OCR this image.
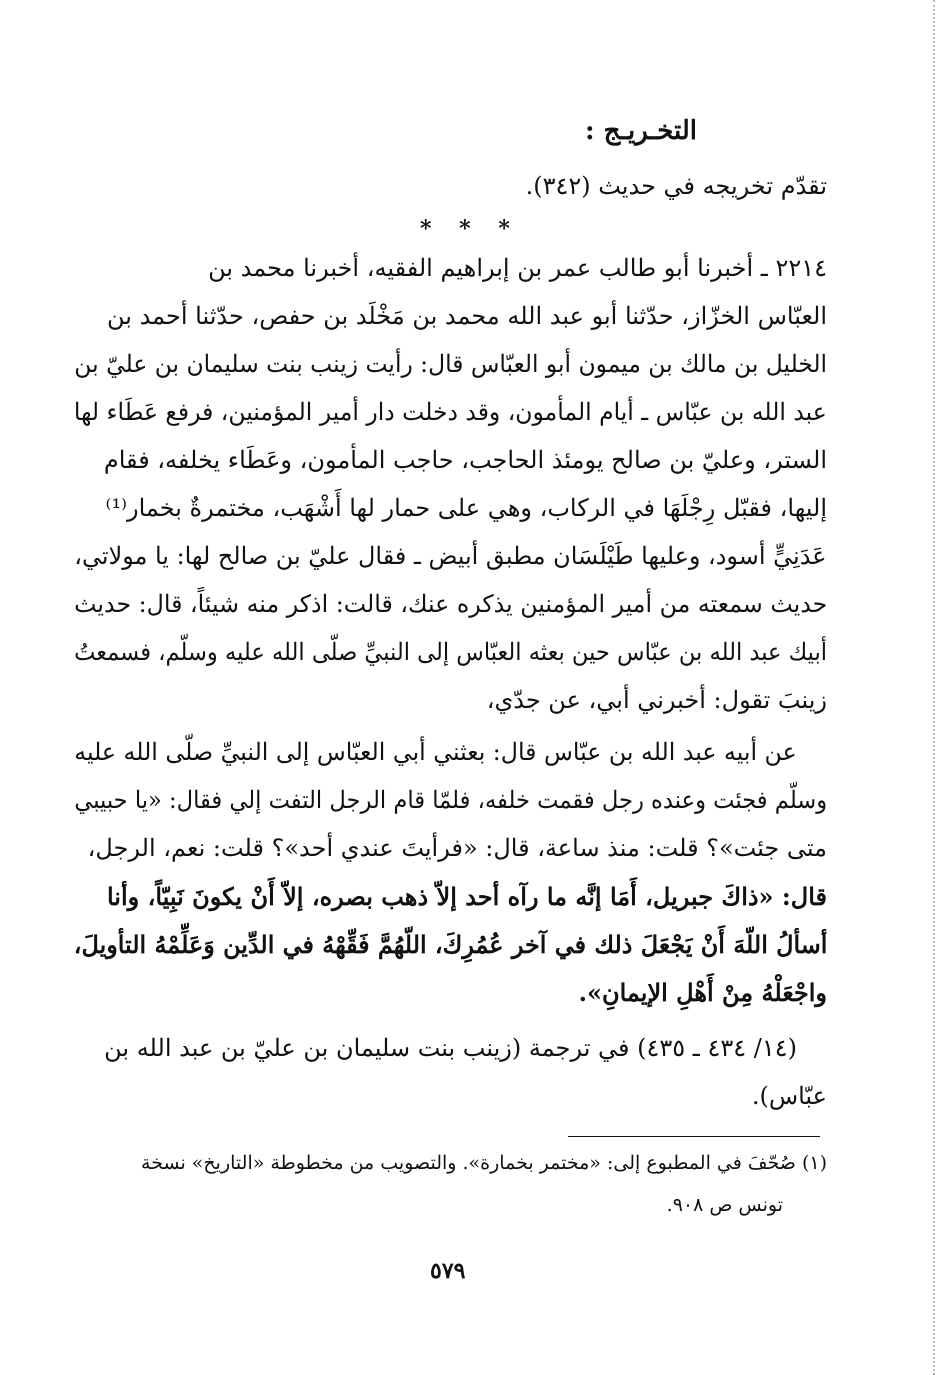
التخـريـج :
تقدّم تخريجه في حديث (٣٤٢).
* * *
٢٢١٤ ـ أخبرنا أبو طالب عمر بن إبراهيم الفقيه، أخبرنا محمد بن
العبّاس الخزّاز، حدّثنا أبو عبد الله محمد بن مَخْلَد بن حفص، حدّثنا أحمد بن
الخليل بن مالك بن ميمون أبو العبّاس قال: رأيت زينب بنت سليمان بن عليّ بن
عبد الله بن عبّاس ـ أيام المأمون، وقد دخلت دار أمير المؤمنين، فرفع عَطَاء لها
الستر، وعليّ بن صالح يومئذ الحاجب، حاجب المأمون، وعَطَاء يخلفه، فقام
إليها، فقبّل رِجْلَهَا في الركاب، وهي على حمار لها أَشْهَب، مختمرةٌ بخمار⁽¹⁾
عَدَنِيٍّ أسود، وعليها طَيْلَسَان مطبق أبيض ـ فقال عليّ بن صالح لها: يا مولاتي،
حديث سمعته من أمير المؤمنين يذكره عنك، قالت: اذكر منه شيئاً، قال: حديث
أبيك عبد الله بن عبّاس حين بعثه العبّاس إلى النبيِّ صلّى الله عليه وسلّم، فسمعتُ
زينبَ تقول: أخبرني أبي، عن جدّي،
عن أبيه عبد الله بن عبّاس قال: بعثني أبي العبّاس إلى النبيِّ صلّى الله عليه
وسلّم فجئت وعنده رجل فقمت خلفه، فلمّا قام الرجل التفت إلي فقال: «يا حبيبي
متى جئت»؟ قلت: منذ ساعة، قال: «فرأيتَ عندي أحد»؟ قلت: نعم، الرجل،
قال: «ذاكَ جبريل، أَمَا إنَّه ما رآه أحد إلاّ ذهب بصره، إلاّ أَنْ يكونَ نَبِيّاً، وأنا
أسألُ اللّهَ أَنْ يَجْعَلَ ذلك في آخر عُمُرِكَ، اللّهُمَّ فَقِّهْهُ في الدِّين وَعَلِّمْهُ التأويلَ،
واجْعَلْهُ مِنْ أَهْلِ الإيمانِ».
(١٤/ ٤٣٤ ـ ٤٣٥) في ترجمة (زينب بنت سليمان بن عليّ بن عبد الله بن
عبّاس).
(١) صُحّفَ في المطبوع إلى: «مختمر بخمارة». والتصويب من مخطوطة «التاريخ» نسخة
تونس ص ٩٠٨.
٥٧٩
